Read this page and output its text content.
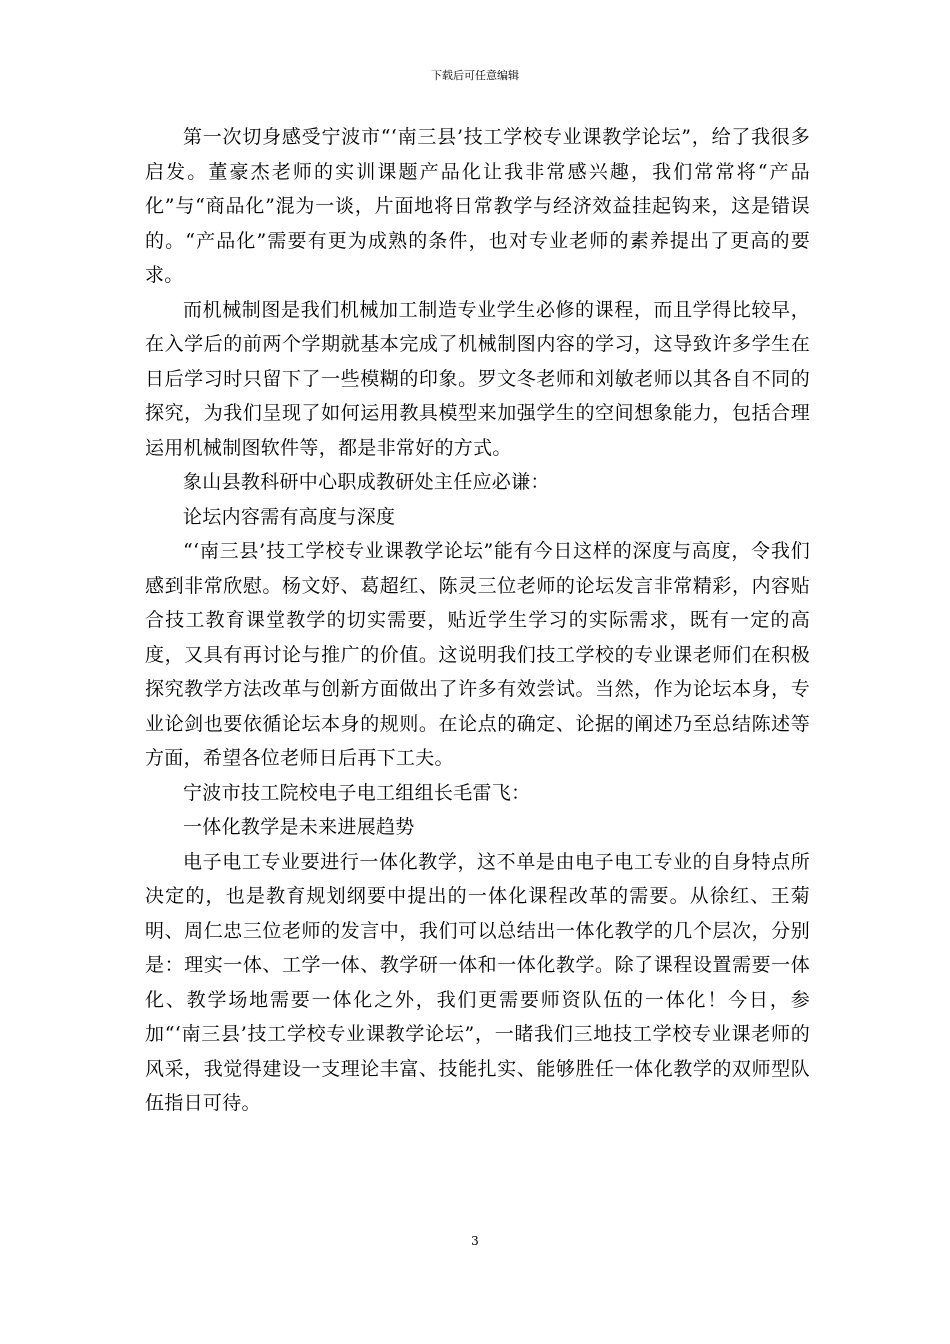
下载后可任意编辑

第一次切身感受宁波市“‘南三县’技工学校专业课教学论坛”，给了我很多启发。董豪杰老师的实训课题产品化让我非常感兴趣，我们常常将“产品化”与“商品化”混为一谈，片面地将日常教学与经济效益挂起钩来，这是错误的。“产品化”需要有更为成熟的条件，也对专业老师的素养提出了更高的要求。

而机械制图是我们机械加工制造专业学生必修的课程，而且学得比较早，在入学后的前两个学期就基本完成了机械制图内容的学习，这导致许多学生在日后学习时只留下了一些模糊的印象。罗文冬老师和刘敏老师以其各自不同的探究，为我们呈现了如何运用教具模型来加强学生的空间想象能力，包括合理运用机械制图软件等，都是非常好的方式。

象山县教科研中心职成教研处主任应必谦：

论坛内容需有高度与深度

“‘南三县’技工学校专业课教学论坛”能有今日这样的深度与高度，令我们感到非常欣慰。杨文妤、葛超红、陈灵三位老师的论坛发言非常精彩，内容贴合技工教育课堂教学的切实需要，贴近学生学习的实际需求，既有一定的高度，又具有再讨论与推广的价值。这说明我们技工学校的专业课老师们在积极探究教学方法改革与创新方面做出了许多有效尝试。当然，作为论坛本身，专业论剑也要依循论坛本身的规则。在论点的确定、论据的阐述乃至总结陈述等方面，希望各位老师日后再下工夫。

宁波市技工院校电子电工组组长毛雷飞：

一体化教学是未来进展趋势

电子电工专业要进行一体化教学，这不单是由电子电工专业的自身特点所决定的，也是教育规划纲要中提出的一体化课程改革的需要。从徐红、王菊明、周仁忠三位老师的发言中，我们可以总结出一体化教学的几个层次，分别是：理实一体、工学一体、教学研一体和一体化教学。除了课程设置需要一体化、教学场地需要一体化之外，我们更需要师资队伍的一体化！今日，参加“‘南三县’技工学校专业课教学论坛”，一睹我们三地技工学校专业课老师的风采，我觉得建设一支理论丰富、技能扎实、能够胜任一体化教学的双师型队伍指日可待。

3
